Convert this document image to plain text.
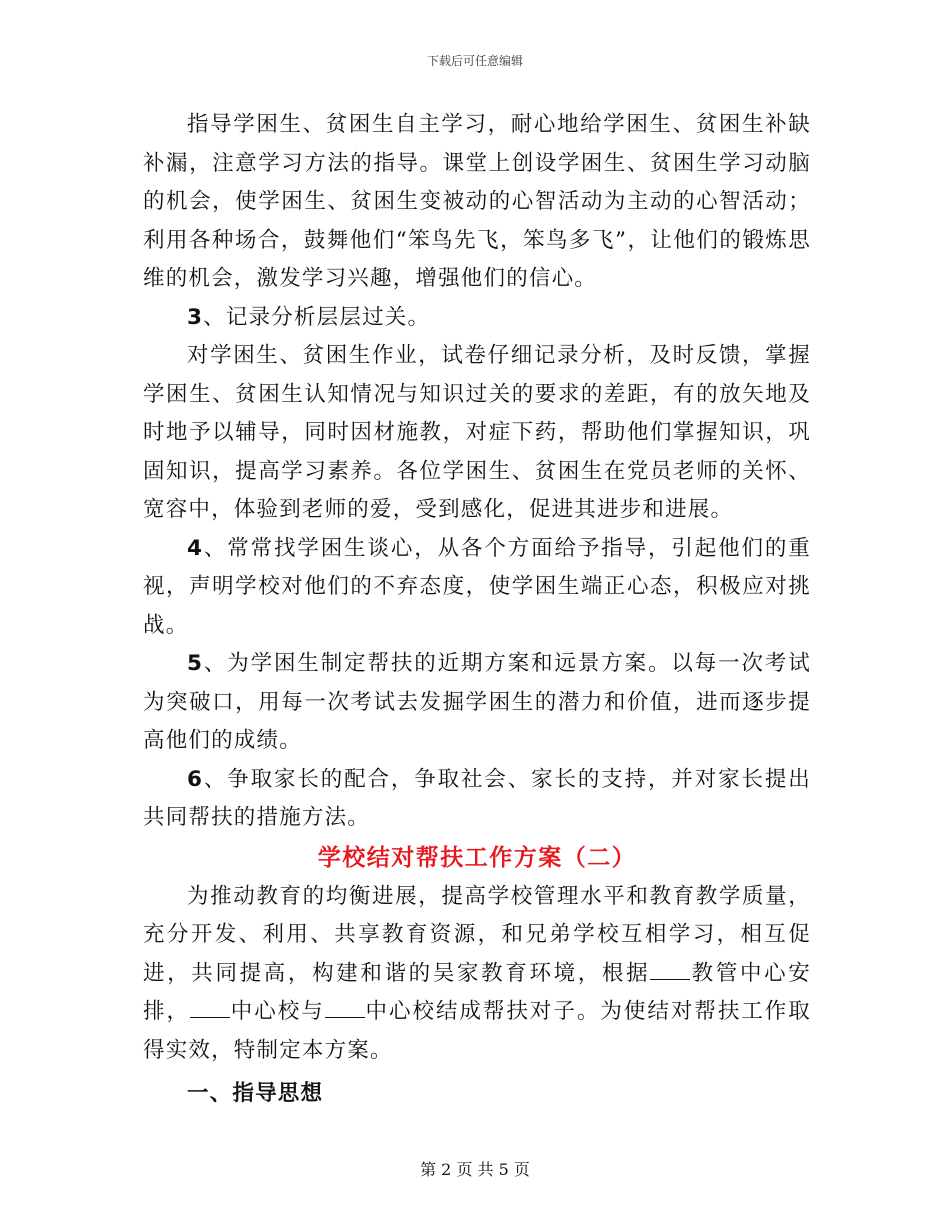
下载后可任意编辑

指导学困生、贫困生自主学习，耐心地给学困生、贫困生补缺补漏，注意学习方法的指导。课堂上创设学困生、贫困生学习动脑的机会，使学困生、贫困生变被动的心智活动为主动的心智活动；利用各种场合，鼓舞他们“笨鸟先飞，笨鸟多飞”，让他们的锻炼思维的机会，激发学习兴趣，增强他们的信心。

3、记录分析层层过关。

对学困生、贫困生作业，试卷仔细记录分析，及时反馈，掌握学困生、贫困生认知情况与知识过关的要求的差距，有的放矢地及时地予以辅导，同时因材施教，对症下药，帮助他们掌握知识，巩固知识，提高学习素养。各位学困生、贫困生在党员老师的关怀、宽容中，体验到老师的爱，受到感化，促进其进步和进展。

4、常常找学困生谈心，从各个方面给予指导，引起他们的重视，声明学校对他们的不弃态度，使学困生端正心态，积极应对挑战。

5、为学困生制定帮扶的近期方案和远景方案。以每一次考试为突破口，用每一次考试去发掘学困生的潜力和价值，进而逐步提高他们的成绩。

6、争取家长的配合，争取社会、家长的支持，并对家长提出共同帮扶的措施方法。

学校结对帮扶工作方案（二）

为推动教育的均衡进展，提高学校管理水平和教育教学质量，充分开发、利用、共享教育资源，和兄弟学校互相学习，相互促进，共同提高，构建和谐的吴家教育环境，根据 教管中心安排， 中心校与 中心校结成帮扶对子。为使结对帮扶工作取得实效，特制定本方案。

一、指导思想
第 2 页 共 5 页
